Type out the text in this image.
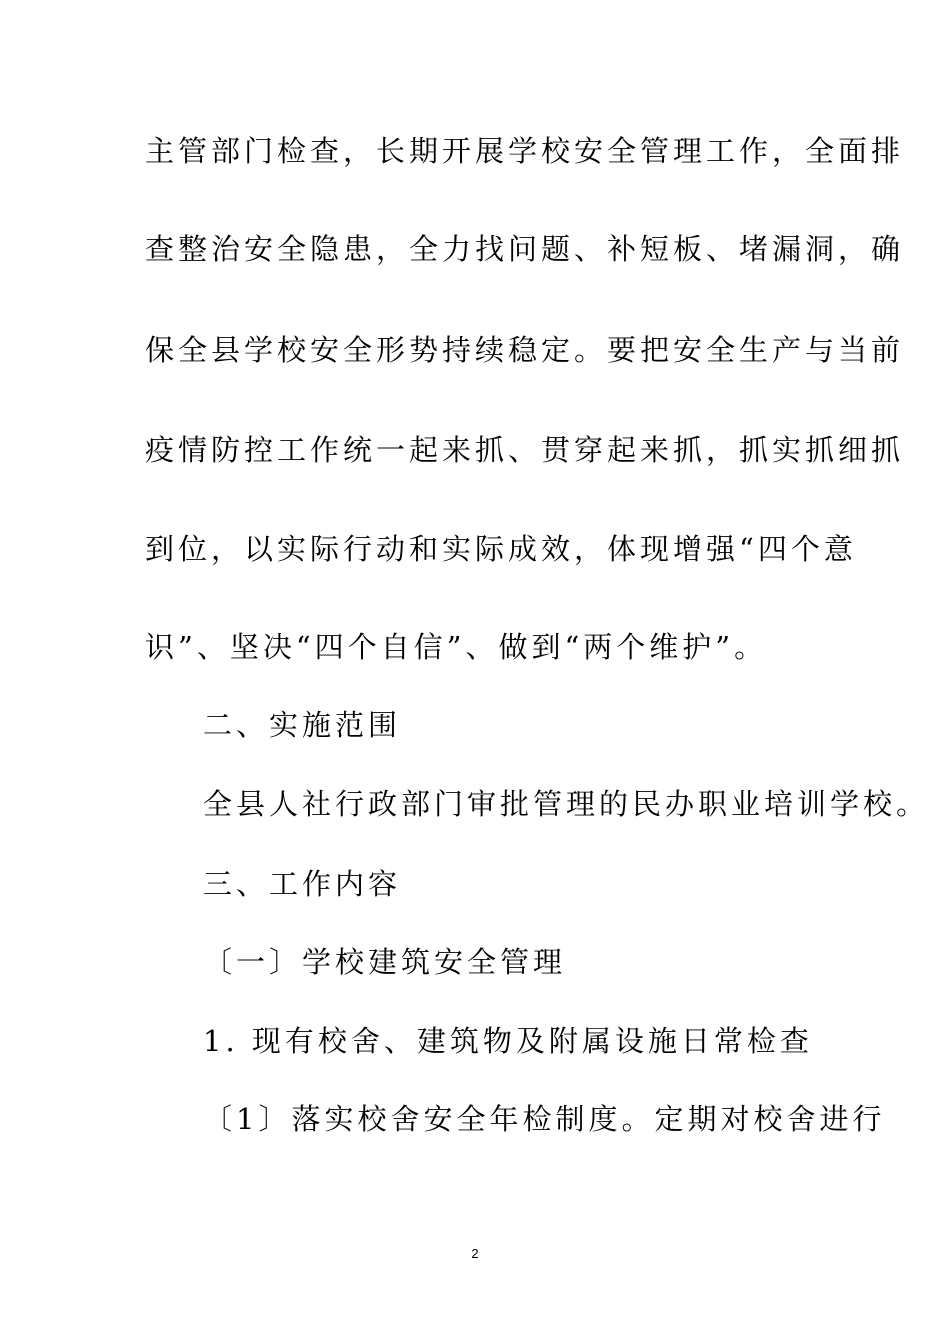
主管部门检查，长期开展学校安全管理工作，全面排
查整治安全隐患，全力找问题、补短板、堵漏洞，确
保全县学校安全形势持续稳定。要把安全生产与当前
疫情防控工作统一起来抓、贯穿起来抓，抓实抓细抓
到位，以实际行动和实际成效，体现增强“四个意
识”、坚决“四个自信”、做到“两个维护”。
二、实施范围
全县人社行政部门审批管理的民办职业培训学校。
三、工作内容
〔一〕学校建筑安全管理
1. 现有校舍、建筑物及附属设施日常检查
〔1〕落实校舍安全年检制度。定期对校舍进行
2
